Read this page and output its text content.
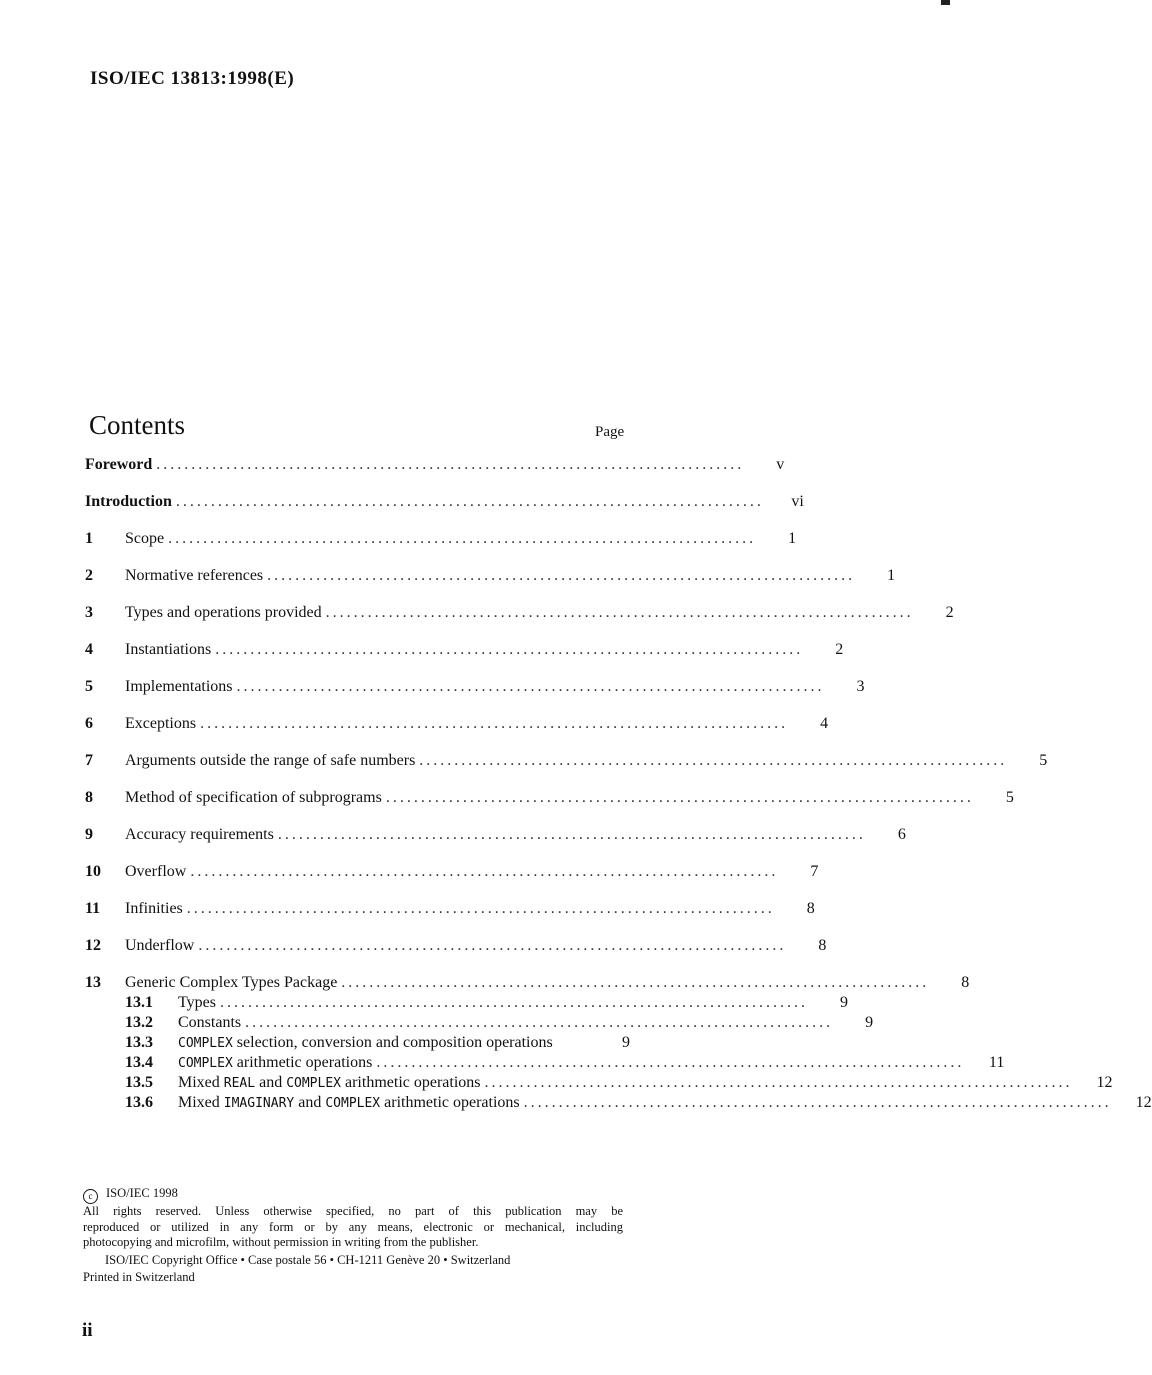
ISO/IEC 13813:1998(E)
Contents	Page
Foreword ....................................................................................	v
Introduction ....................................................................................	vi
1	Scope ....................................................................................	1
2	Normative references ....................................................................................	1
3	Types and operations provided ....................................................................................	2
4	Instantiations ....................................................................................	2
5	Implementations ....................................................................................	3
6	Exceptions ....................................................................................	4
7	Arguments outside the range of safe numbers ....................................................................................	5
8	Method of specification of subprograms ....................................................................................	5
9	Accuracy requirements ....................................................................................	6
10	Overflow ....................................................................................	7
11	Infinities ....................................................................................	8
12	Underflow ....................................................................................	8
13	Generic Complex Types Package ....................................................................................	8
13.1	Types ....................................................................................	9
13.2	Constants ....................................................................................	9
13.3	COMPLEX selection, conversion and composition operations	9
13.4	COMPLEX arithmetic operations ....................................................................................	11
13.5	Mixed REAL and COMPLEX arithmetic operations ....................................................................................	12
13.6	Mixed IMAGINARY and COMPLEX arithmetic operations ....................................................................................	12

c ISO/IEC 1998

All rights reserved. Unless otherwise specified, no part of this publication may be

reproduced or utilized in any form or by any means, electronic or mechanical, including

photocopying and microfilm, without permission in writing from the publisher.

ISO/IEC Copyright Office • Case postale 56 • CH-1211 Genève 20 • Switzerland

Printed in Switzerland

ii
